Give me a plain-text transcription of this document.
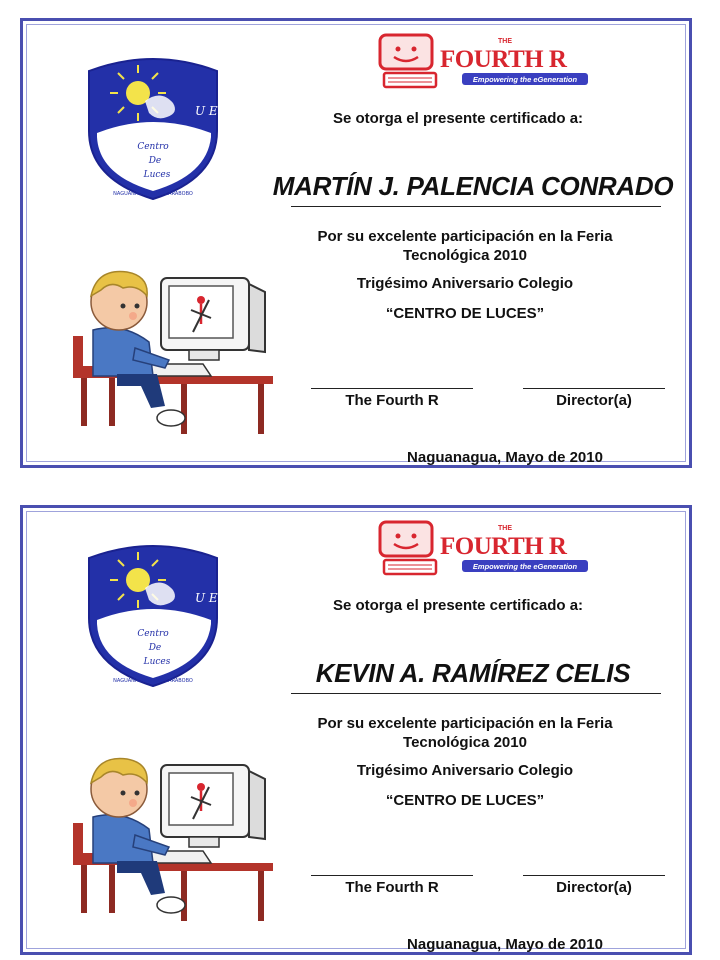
U E
Centro
De
Luces
NAGUANAGUA EDO. CARABOBO
THE
FOURTH R
Empowering the eGeneration
Se otorga el presente certificado a:
MARTÍN J. PALENCIA CONRADO
Por su excelente participación en la Feria
Tecnológica 2010
Trigésimo Aniversario Colegio
“CENTRO DE LUCES”
The Fourth R	Director(a)
Naguanagua, Mayo de 2010
U E
Centro
De
Luces
NAGUANAGUA EDO. CARABOBO
THE
FOURTH R
Empowering the eGeneration
Se otorga el presente certificado a:
KEVIN A. RAMÍREZ CELIS
Por su excelente participación en la Feria
Tecnológica 2010
Trigésimo Aniversario Colegio
“CENTRO DE LUCES”
The Fourth R	Director(a)
Naguanagua, Mayo de 2010
